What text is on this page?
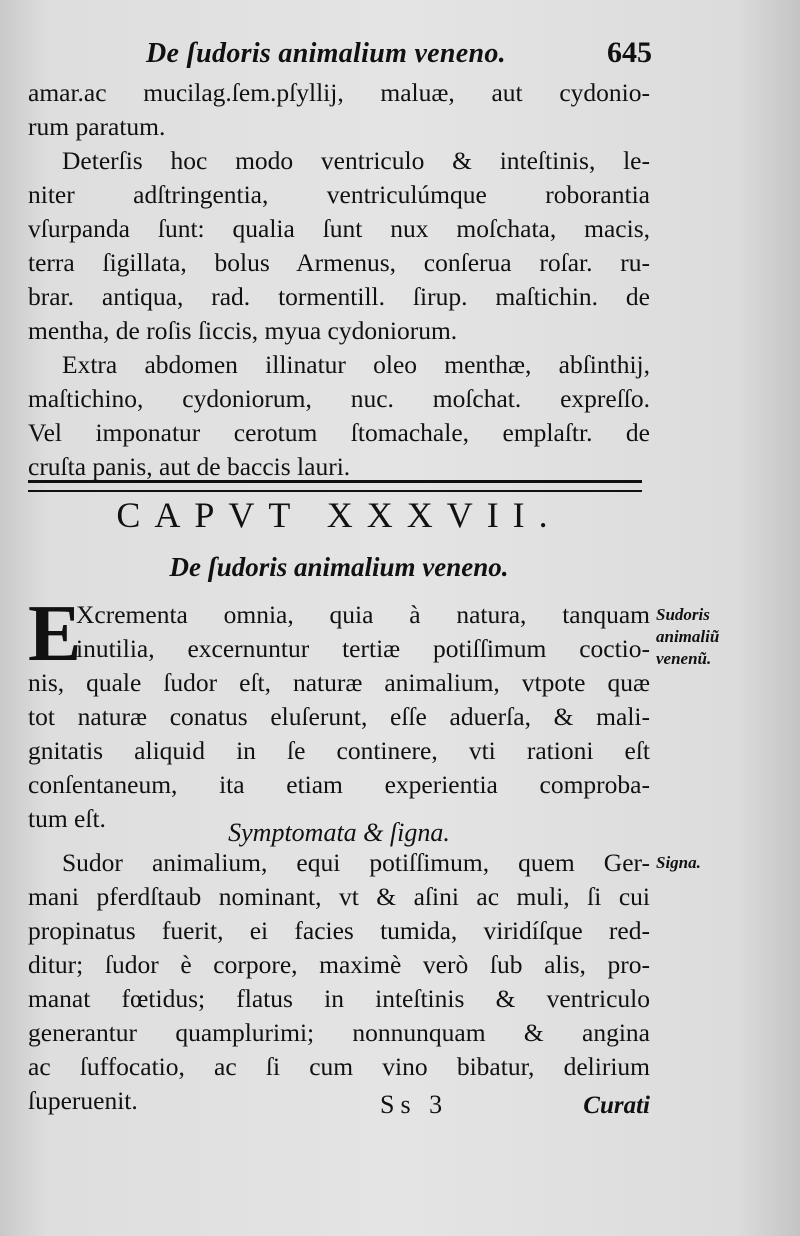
De ſudoris animalium veneno.	645
amar.ac mucilag.ſem.pſyllij, maluæ, aut cydonio-
rum paratum.
Deterſis hoc modo ventriculo & inteſtinis, le-
niter adſtringentia, ventriculúmque roborantia
vſurpanda ſunt: qualia ſunt nux moſchata, macis,
terra ſigillata, bolus Armenus, conſerua roſar. ru-
brar. antiqua, rad. tormentill. ſirup. maſtichin. de
mentha, de roſis ſiccis, myua cydoniorum.
Extra abdomen illinatur oleo menthæ, abſinthij,
maſtichino, cydoniorum, nuc. moſchat. expreſſo.
Vel imponatur cerotum ſtomachale, emplaſtr. de
cruſta panis, aut de baccis lauri.
CAPVT XXXVII.
De ſudoris animalium veneno.
E
Xcrementa omnia, quia à natura, tanquam
inutilia, excernuntur tertiæ potiſſimum coctio-
nis, quale ſudor eſt, naturæ animalium, vtpote quæ
tot naturæ conatus eluſerunt, eſſe aduerſa, & mali-
gnitatis aliquid in ſe continere, vti rationi eſt
conſentaneum, ita etiam experientia comproba-
tum eſt.
Sudoris
animaliũ
venenũ.
Symptomata & ſigna.
Sudor animalium, equi potiſſimum, quem Ger-
mani pferdſtaub nominant, vt & aſini ac muli, ſi cui
propinatus fuerit, ei facies tumida, viridíſque red-
ditur; ſudor è corpore, maximè verò ſub alis, pro-
manat fœtidus; flatus in inteſtinis & ventriculo
generantur quamplurimi; nonnunquam & angina
ac ſuffocatio, ac ſi cum vino bibatur, delirium
ſuperuenit.
Signa.
Ss 3	Curati
